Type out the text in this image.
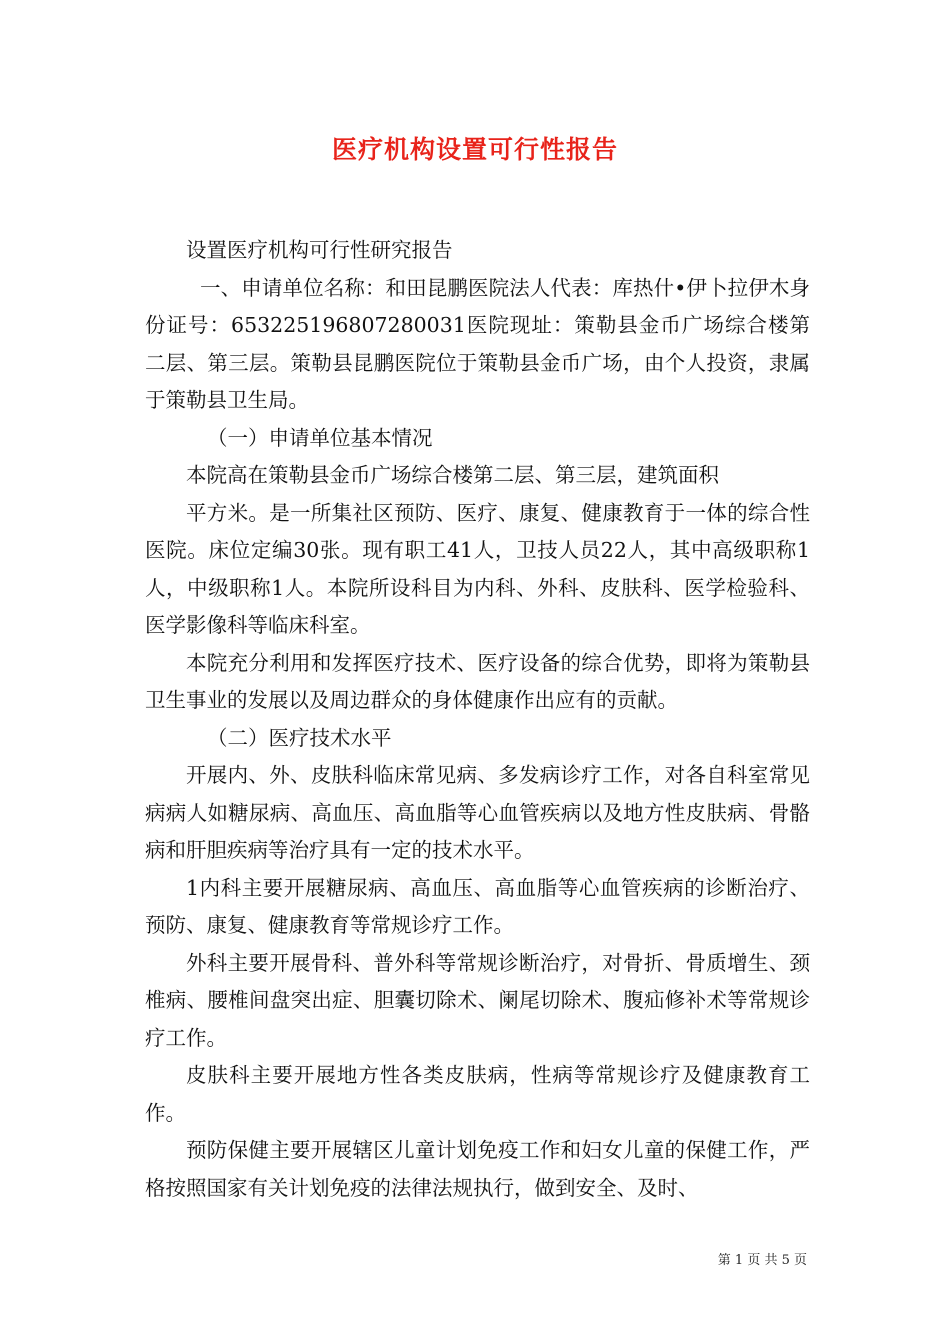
医疗机构设置可行性报告

设置医疗机构可行性研究报告

一、申请单位名称：和田昆鹏医院法人代表：库热什•伊卜拉伊木身份证号：653225196807280031医院现址：策勒县金币广场综合楼第二层、第三层。策勒县昆鹏医院位于策勒县金币广场，由个人投资，隶属于策勒县卫生局。

（一）申请单位基本情况

本院高在策勒县金币广场综合楼第二层、第三层，建筑面积

平方米。是一所集社区预防、医疗、康复、健康教育于一体的综合性医院。床位定编30张。现有职工41人，卫技人员22人，其中高级职称1人，中级职称1人。本院所设科目为内科、外科、皮肤科、医学检验科、医学影像科等临床科室。

本院充分利用和发挥医疗技术、医疗设备的综合优势，即将为策勒县卫生事业的发展以及周边群众的身体健康作出应有的贡献。

（二）医疗技术水平

开展内、外、皮肤科临床常见病、多发病诊疗工作，对各自科室常见病病人如糖尿病、高血压、高血脂等心血管疾病以及地方性皮肤病、骨骼病和肝胆疾病等治疗具有一定的技术水平。

1内科主要开展糖尿病、高血压、高血脂等心血管疾病的诊断治疗、预防、康复、健康教育等常规诊疗工作。

外科主要开展骨科、普外科等常规诊断治疗，对骨折、骨质增生、颈椎病、腰椎间盘突出症、胆囊切除术、阑尾切除术、腹疝修补术等常规诊疗工作。

皮肤科主要开展地方性各类皮肤病，性病等常规诊疗及健康教育工作。

预防保健主要开展辖区儿童计划免疫工作和妇女儿童的保健工作，严格按照国家有关计划免疫的法律法规执行，做到安全、及时、

第 1 页 共 5 页
